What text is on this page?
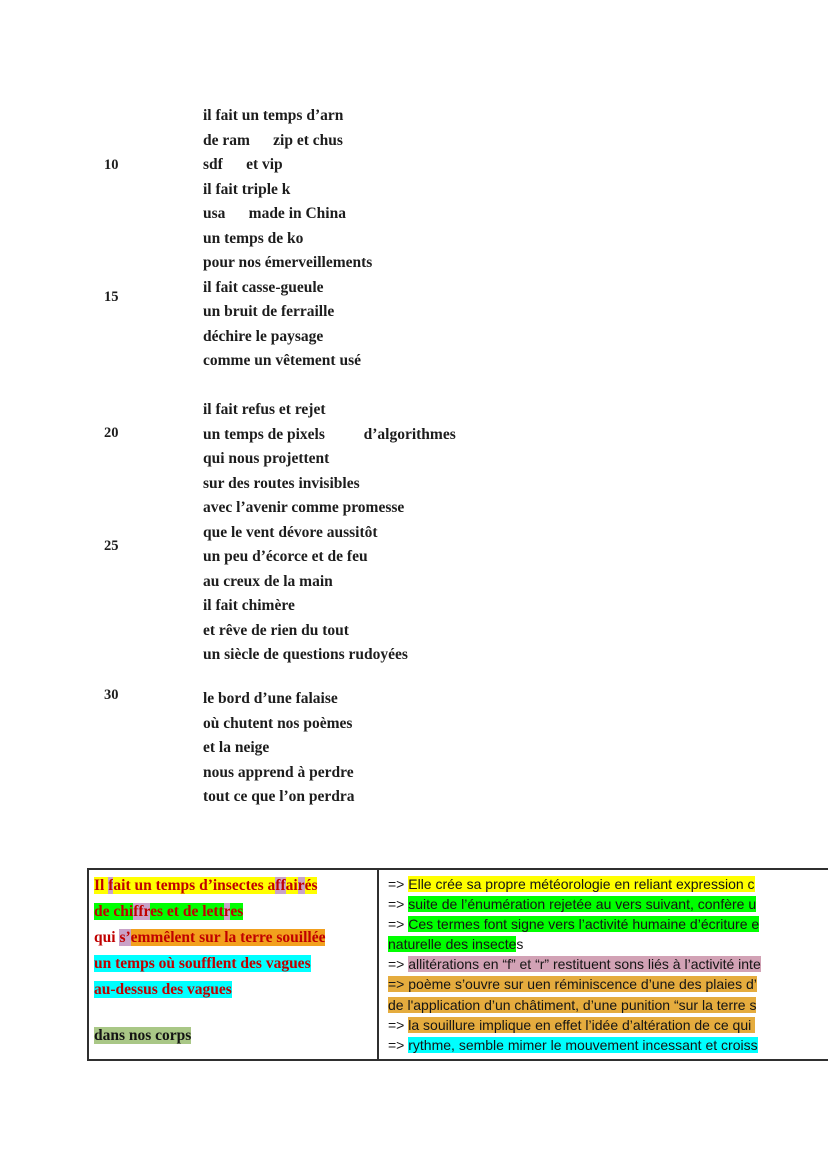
10
15
20
25
30
il fait un temps d’arn
de ram      zip et chus
sdf      et vip
il fait triple k
usa      made in China
un temps de ko
pour nos émerveillements
il fait casse-gueule
un bruit de ferraille
déchire le paysage
comme un vêtement usé
il fait refus et rejet
un temps de pixels          d’algorithmes
qui nous projettent
sur des routes invisibles
avec l’avenir comme promesse
que le vent dévore aussitôt
un peu d’écorce et de feu
au creux de la main
il fait chimère
et rêve de rien du tout
un siècle de questions rudoyées
le bord d’une falaise
où chutent nos poèmes
et la neige
nous apprend à perdre
tout ce que l’on perdra
Il fait un temps d’insectes affairés
de chiffres et de lettres
qui s’emmêlent sur la terre souillée
un temps où soufflent des vagues
au-dessus des vagues
dans nos corps
=> Elle crée sa propre météorologie en reliant expression c
=> suite de l’énumération rejetée au vers suivant, confère u
=> Ces termes font signe vers l’activité humaine d’écriture e
naturelle des insectes
=> allitérations en “f” et “r” restituent sons liés à l’activité inte
=> poème s’ouvre sur uen réminiscence d’une des plaies d’
de l'application d’un châtiment, d’une punition “sur la terre s
=> la souillure implique en effet l’idée d’altération de ce qui
=> rythme, semble mimer le mouvement incessant et croiss
